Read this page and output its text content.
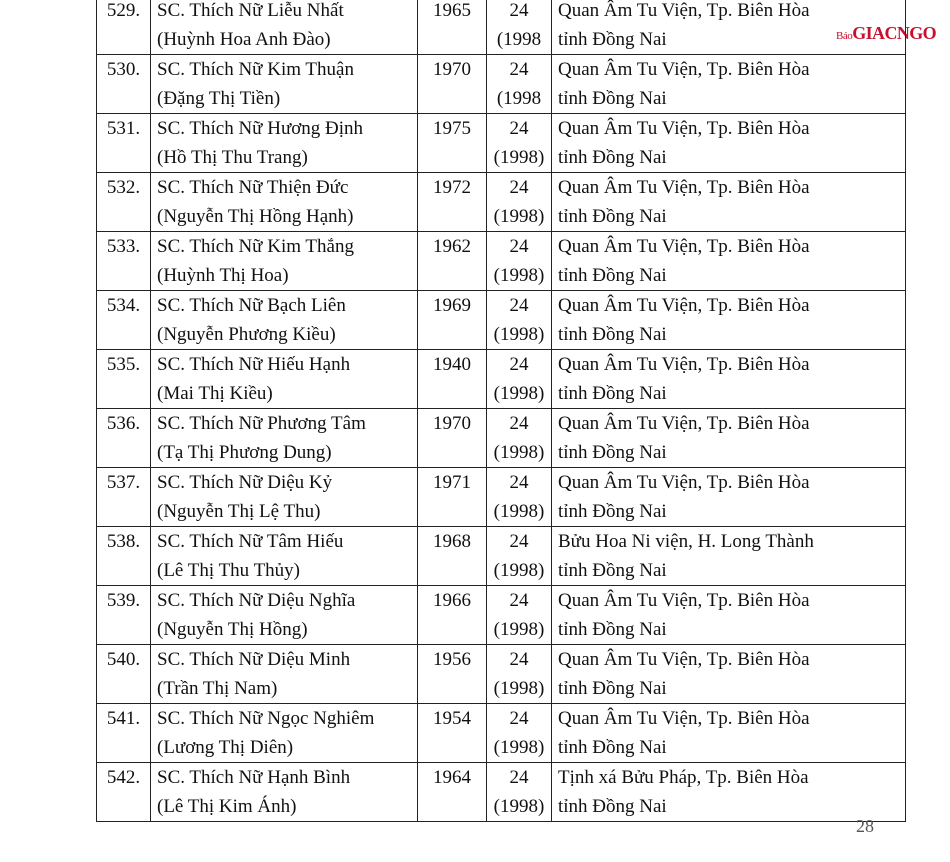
BáoGIACNGO
529.	SC. Thích Nữ Liễu Nhất
(Huỳnh Hoa Anh Đào)	1965	24
(1998	Quan Âm Tu Viện, Tp. Biên Hòa
tỉnh Đồng Nai

530.	SC. Thích Nữ Kim Thuận
(Đặng Thị Tiền)	1970	24
(1998	Quan Âm Tu Viện, Tp. Biên Hòa
tỉnh Đồng Nai

531.	SC. Thích Nữ Hương Định
(Hồ Thị Thu Trang)	1975	24
(1998)	Quan Âm Tu Viện, Tp. Biên Hòa
tỉnh Đồng Nai

532.	SC. Thích Nữ Thiện Đức
(Nguyễn Thị Hồng Hạnh)	1972	24
(1998)	Quan Âm Tu Viện, Tp. Biên Hòa
tỉnh Đồng Nai

533.	SC. Thích Nữ Kim Thắng
(Huỳnh Thị Hoa)	1962	24
(1998)	Quan Âm Tu Viện, Tp. Biên Hòa
tỉnh Đồng Nai

534.	SC. Thích Nữ Bạch Liên
(Nguyễn Phương Kiều)	1969	24
(1998)	Quan Âm Tu Viện, Tp. Biên Hòa
tỉnh Đồng Nai

535.	SC. Thích Nữ Hiếu Hạnh
(Mai Thị Kiều)	1940	24
(1998)	Quan Âm Tu Viện, Tp. Biên Hòa
tỉnh Đồng Nai

536.	SC. Thích Nữ Phương Tâm
(Tạ Thị Phương Dung)	1970	24
(1998)	Quan Âm Tu Viện, Tp. Biên Hòa
tỉnh Đồng Nai

537.	SC. Thích Nữ Diệu Kỷ
(Nguyễn Thị Lệ Thu)	1971	24
(1998)	Quan Âm Tu Viện, Tp. Biên Hòa
tỉnh Đồng Nai

538.	SC. Thích Nữ Tâm Hiếu
(Lê Thị Thu Thủy)	1968	24
(1998)	Bửu Hoa Ni viện, H. Long Thành
tỉnh Đồng Nai

539.	SC. Thích Nữ Diệu Nghĩa
(Nguyễn Thị Hồng)	1966	24
(1998)	Quan Âm Tu Viện, Tp. Biên Hòa
tỉnh Đồng Nai

540.	SC. Thích Nữ Diệu Minh
(Trần Thị Nam)	1956	24
(1998)	Quan Âm Tu Viện, Tp. Biên Hòa
tỉnh Đồng Nai

541.	SC. Thích Nữ Ngọc Nghiêm
(Lương Thị Diên)	1954	24
(1998)	Quan Âm Tu Viện, Tp. Biên Hòa
tỉnh Đồng Nai

542.	SC. Thích Nữ Hạnh Bình
(Lê Thị Kim Ánh)	1964	24
(1998)	Tịnh xá Bửu Pháp, Tp. Biên Hòa
tỉnh Đồng Nai
28
